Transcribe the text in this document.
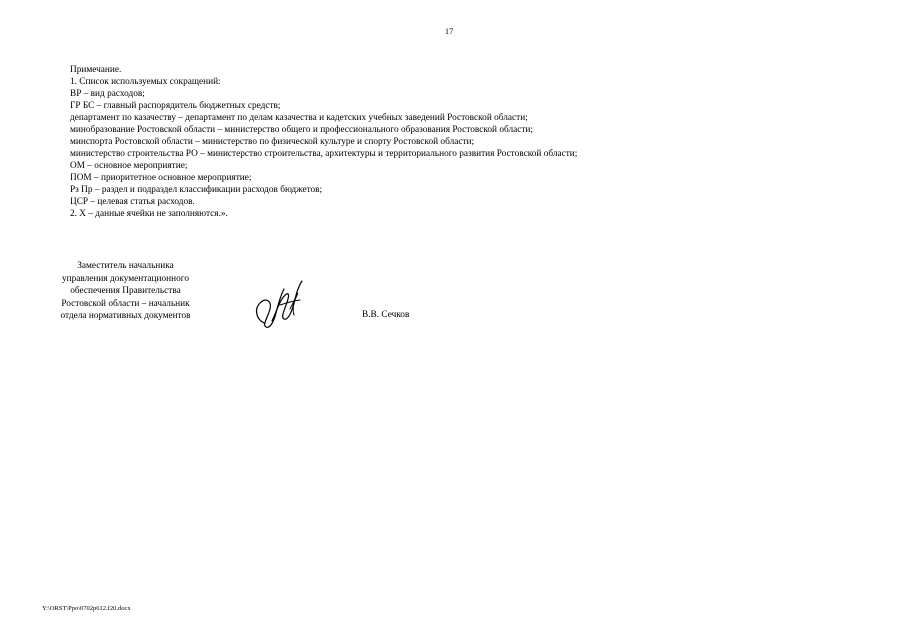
17
Примечание.
1. Список используемых сокращений:
ВР – вид расходов;
ГР БС – главный распорядитель бюджетных средств;
департамент по казачеству – департамент по делам казачества и кадетских учебных заведений Ростовской области;
минобразование Ростовской области – министерство общего и профессионального образования Ростовской области;
минспорта Ростовской области – министерство по физической культуре и спорту Ростовской области;
министерство строительства РО – министерство строительства, архитектуры и территориального развития Ростовской области;
ОМ – основное мероприятие;
ПОМ – приоритетное основное мероприятие;
Рз Пр – раздел и подраздел классификации расходов бюджетов;
ЦСР – целевая статья расходов.
2. Х – данные ячейки не заполняются.».
Заместитель начальника
управления документационного
обеспечения Правительства
Ростовской области – начальник
отдела нормативных документов	В.В. Сечков
Y:\ORST\Ppo\0702p612.f20.docx
